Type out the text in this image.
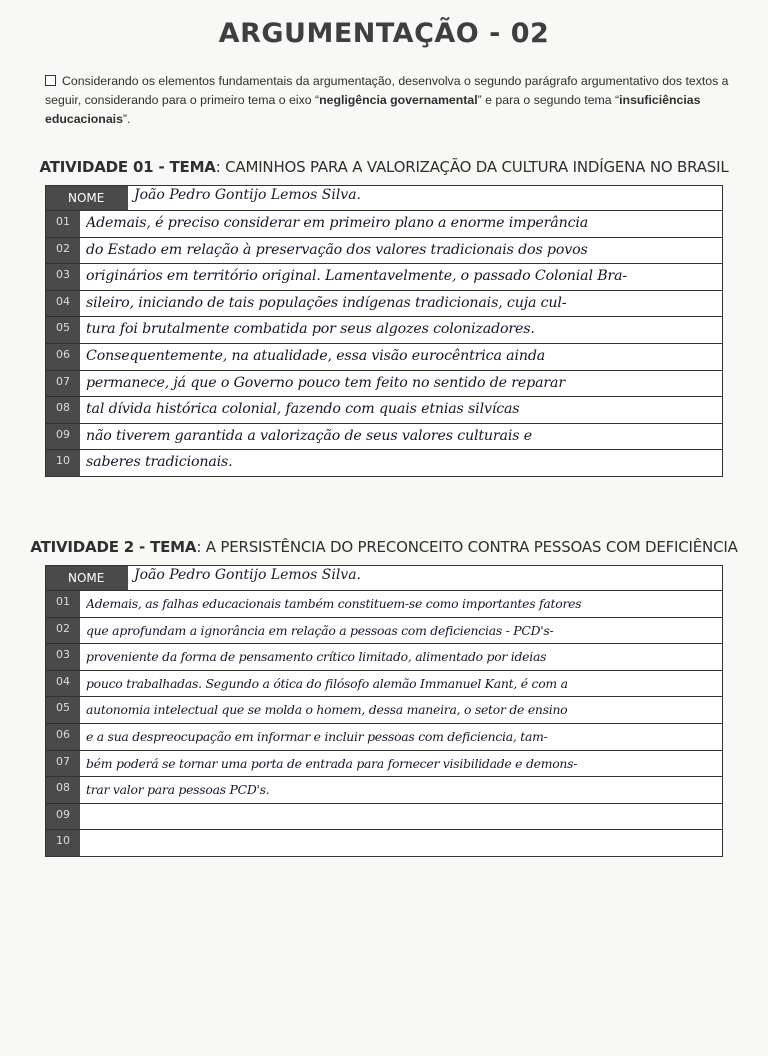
ARGUMENTAÇÃO - 02
Considerando os elementos fundamentais da argumentação, desenvolva o segundo parágrafo argumentativo dos textos a seguir, considerando para o primeiro tema o eixo “negligência governamental” e para o segundo tema “insuficiências educacionais”.
ATIVIDADE 01 - TEMA: CAMINHOS PARA A VALORIZAÇÃO DA CULTURA INDÍGENA NO BRASIL
NOME	João Pedro Gontijo Lemos Silva.
01	Ademais, é preciso considerar em primeiro plano a enorme imperância
02	do Estado em relação à preservação dos valores tradicionais dos povos
03	originários em território original. Lamentavelmente, o passado Colonial Bra-
04	sileiro, iniciando de tais populações indígenas tradicionais, cuja cul-
05	tura foi brutalmente combatida por seus algozes colonizadores.
06	Consequentemente, na atualidade, essa visão eurocêntrica ainda
07	permanece, já que o Governo pouco tem feito no sentido de reparar
08	tal dívida histórica colonial, fazendo com quais etnias silvícas
09	não tiverem garantida a valorização de seus valores culturais e
10	saberes tradicionais.
ATIVIDADE 2 - TEMA: A PERSISTÊNCIA DO PRECONCEITO CONTRA PESSOAS COM DEFICIÊNCIA
NOME	João Pedro Gontijo Lemos Silva.
01	Ademais, as falhas educacionais também constituem-se como importantes fatores
02	que aprofundam a ignorância em relação a pessoas com deficiencias - PCD's-
03	proveniente da forma de pensamento crítico limitado, alimentado por ideias
04	pouco trabalhadas. Segundo a ótica do filósofo alemão Immanuel Kant, é com a
05	autonomia intelectual que se molda o homem, dessa maneira, o setor de ensino
06	e a sua despreocupação em informar e incluir pessoas com deficiencia, tam-
07	bém poderá se tornar uma porta de entrada para fornecer visibilidade e demons-
08	trar valor para pessoas PCD's.
09
10
